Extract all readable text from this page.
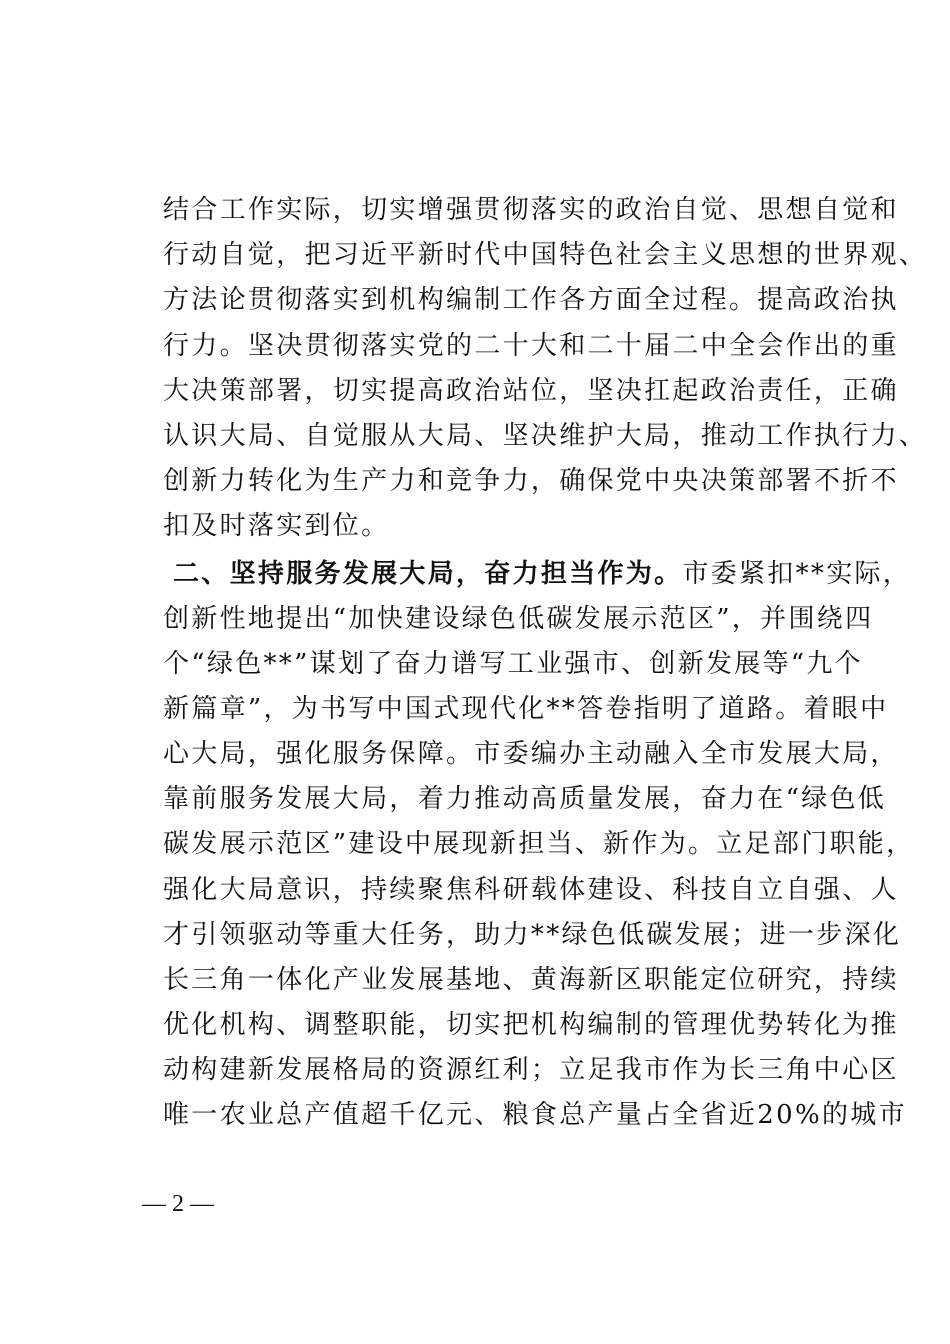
结合工作实际，切实增强贯彻落实的政治自觉、思想自觉和
行动自觉，把习近平新时代中国特色社会主义思想的世界观、
方法论贯彻落实到机构编制工作各方面全过程。提高政治执
行力。坚决贯彻落实党的二十大和二十届二中全会作出的重
大决策部署，切实提高政治站位，坚决扛起政治责任，正确
认识大局、自觉服从大局、坚决维护大局，推动工作执行力、
创新力转化为生产力和竞争力，确保党中央决策部署不折不
扣及时落实到位。
二、坚持服务发展大局，奋力担当作为。市委紧扣**实际，
创新性地提出“加快建设绿色低碳发展示范区”，并围绕四
个“绿色**”谋划了奋力谱写工业强市、创新发展等“九个
新篇章”，为书写中国式现代化**答卷指明了道路。着眼中
心大局，强化服务保障。市委编办主动融入全市发展大局，
靠前服务发展大局，着力推动高质量发展，奋力在“绿色低
碳发展示范区”建设中展现新担当、新作为。立足部门职能，
强化大局意识，持续聚焦科研载体建设、科技自立自强、人
才引领驱动等重大任务，助力**绿色低碳发展；进一步深化
长三角一体化产业发展基地、黄海新区职能定位研究，持续
优化机构、调整职能，切实把机构编制的管理优势转化为推
动构建新发展格局的资源红利；立足我市作为长三角中心区
唯一农业总产值超千亿元、粮食总产量占全省近20%的城市
— 2 —
